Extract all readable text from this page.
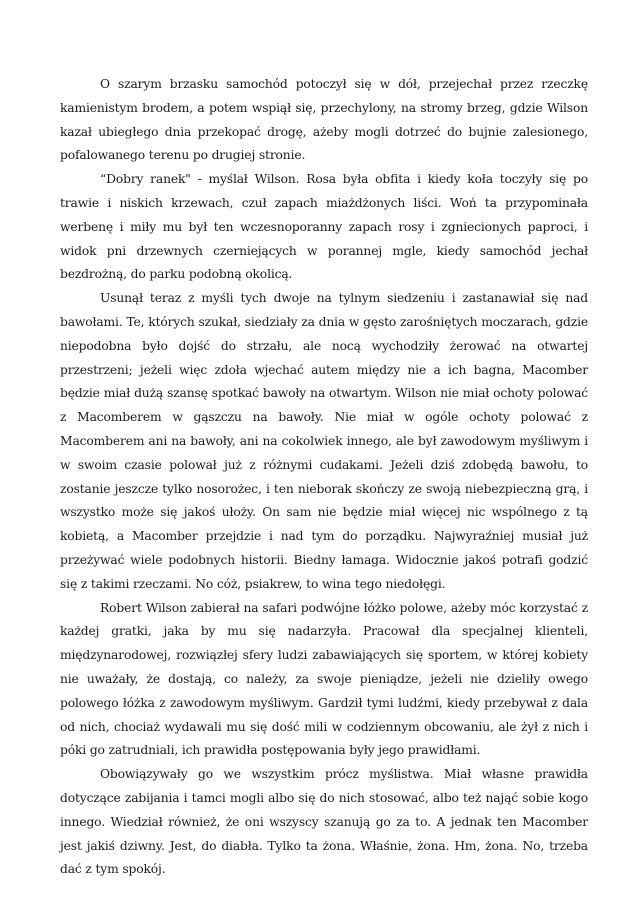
O szarym brzasku samochód potoczył się w dół, przejechał przez rzeczkę kamienistym brodem, a potem wspiął się, przechylony, na stromy brzeg, gdzie Wilson kazał ubiegłego dnia przekopać drogę, ażeby mogli dotrzeć do bujnie zalesionego, pofalowanego terenu po drugiej stronie.

“Dobry ranek" - myślał Wilson. Rosa była obfita i kiedy koła toczyły się po trawie i niskich krzewach, czuł zapach miażdżonych liści. Woń ta przypominała werbenę i miły mu był ten wczesnoporanny zapach rosy i zgniecionych paproci, i widok pni drzewnych czerniejących w porannej mgle, kiedy samochód jechał bezdrożną, do parku podobną okolicą.

Usunął teraz z myśli tych dwoje na tylnym siedzeniu i zastanawiał się nad bawołami. Te, których szukał, siedziały za dnia w gęsto zarośniętych moczarach, gdzie niepodobna było dojść do strzału, ale nocą wychodziły żerować na otwartej przestrzeni; jeżeli więc zdoła wjechać autem między nie a ich bagna, Macomber będzie miał dużą szansę spotkać bawoły na otwartym. Wilson nie miał ochoty polować z Macomberem w gąszczu na bawoły. Nie miał w ogóle ochoty polować z Macomberem ani na bawoły, ani na cokolwiek innego, ale był zawodowym myśliwym i w swoim czasie polował już z różnymi cudakami. Jeżeli dziś zdobędą bawołu, to zostanie jeszcze tylko nosorożec, i ten nieborak skończy ze swoją niebezpieczną grą, i wszystko może się jakoś ułoży. On sam nie będzie miał więcej nic wspólnego z tą kobietą, a Macomber przejdzie i nad tym do porządku. Najwyraźniej musiał już przeżywać wiele podobnych historii. Biedny łamaga. Widocznie jakoś potrafi godzić się z takimi rzeczami. No cóż, psiakrew, to wina tego niedołęgi.

Robert Wilson zabierał na safari podwójne łóżko polowe, ażeby móc korzystać z każdej gratki, jaka by mu się nadarzyła. Pracował dla specjalnej klienteli, międzynarodowej, rozwiązłej sfery ludzi zabawiających się sportem, w której kobiety nie uważały, że dostają, co należy, za swoje pieniądze, jeżeli nie dzieliły owego polowego łóżka z zawodowym myśliwym. Gardził tymi ludźmi, kiedy przebywał z dala od nich, chociaż wydawali mu się dość mili w codziennym obcowaniu, ale żył z nich i póki go zatrudniali, ich prawidła postępowania były jego prawidłami.

Obowiązywały go we wszystkim prócz myślistwa. Miał własne prawidła dotyczące zabijania i tamci mogli albo się do nich stosować, albo też nająć sobie kogo innego. Wiedział również, że oni wszyscy szanują go za to. A jednak ten Macomber jest jakiś dziwny. Jest, do diabła. Tylko ta żona. Właśnie, żona. Hm, żona. No, trzeba dać z tym spokój.
